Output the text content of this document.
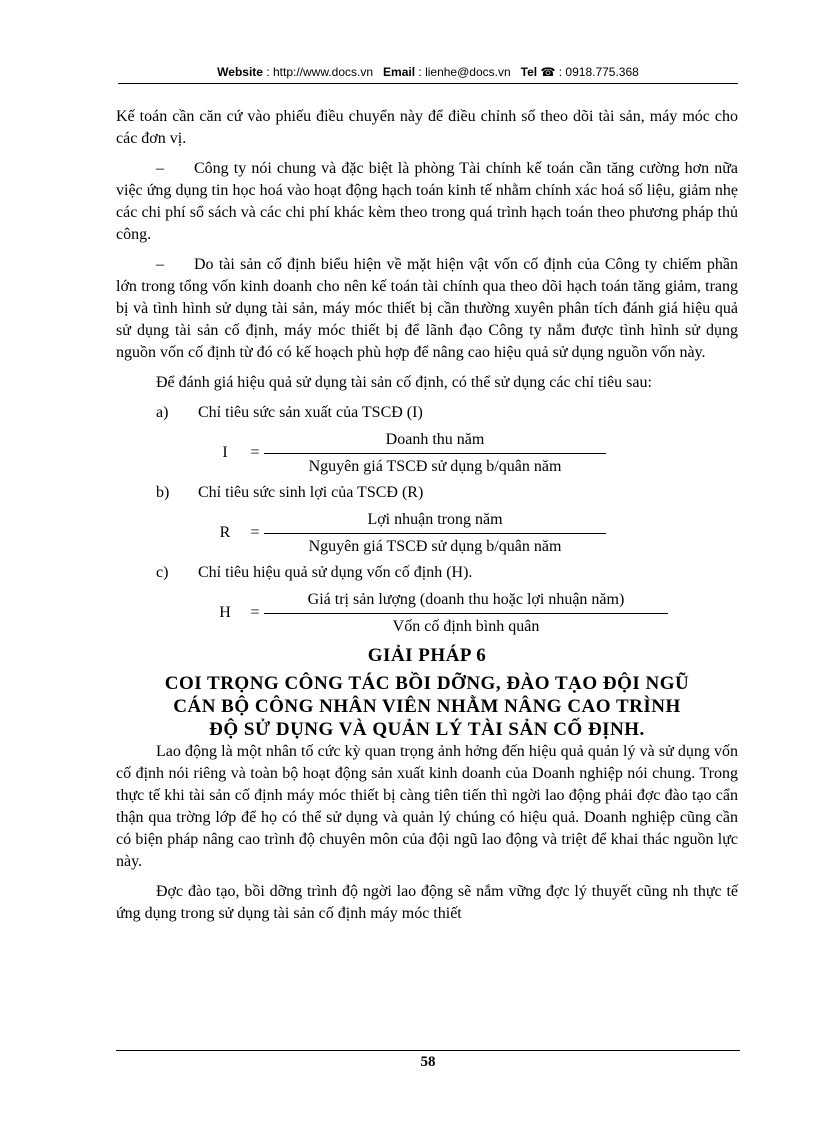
Website : http://www.docs.vn Email : lienhe@docs.vn Tel ☎ : 0918.775.368

Kế toán cần căn cứ vào phiếu điều chuyển này để điều chỉnh số theo dõi tài sản, máy móc cho các đơn vị.

– Công ty nói chung và đặc biệt là phòng Tài chính kế toán cần tăng cường hơn nữa việc ứng dụng tin học hoá vào hoạt động hạch toán kinh tế nhằm chính xác hoá số liệu, giảm nhẹ các chi phí sổ sách và các chi phí khác kèm theo trong quá trình hạch toán theo phương pháp thủ công.

– Do tài sản cố định biểu hiện về mặt hiện vật vốn cố định của Công ty chiếm phần lớn trong tổng vốn kinh doanh cho nên kế toán tài chính qua theo dõi hạch toán tăng giảm, trang bị và tình hình sử dụng tài sản, máy móc thiết bị cần thường xuyên phân tích đánh giá hiệu quả sử dụng tài sản cố định, máy móc thiết bị để lãnh đạo Công ty nắm được tình hình sử dụng nguồn vốn cố định từ đó có kế hoạch phù hợp để nâng cao hiệu quả sử dụng nguồn vốn này.

Để đánh giá hiệu quả sử dụng tài sản cố định, có thể sử dụng các chỉ tiêu sau:

a) Chỉ tiêu sức sản xuất của TSCĐ (I)
I	= $\frac{\text{Doanh thu năm}}{\text{Nguyên giá TSCĐ sử dụng b/quân năm}}$
b) Chỉ tiêu sức sinh lợi của TSCĐ (R)
R	= $\frac{\text{Lợi nhuận trong năm}}{\text{Nguyên giá TSCĐ sử dụng b/quân năm}}$
c) Chỉ tiêu hiệu quả sử dụng vốn cố định (H).
H	= $\frac{\text{Giá trị sản lượng (doanh thu hoặc lợi nhuận năm)}}{\text{Vốn cố định bình quân}}$
GIẢI PHÁP 6
COI TRỌNG CÔNG TÁC BỒI DỠNG, ĐÀO TẠO ĐỘI NGŨ
CÁN BỘ CÔNG NHÂN VIÊN NHẰM NÂNG CAO TRÌNH
ĐỘ SỬ DỤNG VÀ QUẢN LÝ TÀI SẢN CỐ ĐỊNH.

Lao động là một nhân tố cức kỳ quan trọng ảnh hởng đến hiệu quả quản lý và sử dụng vốn cố định nói riêng và toàn bộ hoạt động sản xuất kinh doanh của Doanh nghiệp nói chung. Trong thực tế khi tài sản cố định máy móc thiết bị càng tiên tiến thì ngời lao động phải đợc đào tạo cẩn thận qua trờng lớp để họ có thể sử dụng và quản lý chúng có hiệu quả. Doanh nghiệp cũng cần có biện pháp nâng cao trình độ chuyên môn của đội ngũ lao động và triệt để khai thác nguồn lực này.

Đợc đào tạo, bồi dỡng trình độ ngời lao động sẽ nắm vững đợc lý thuyết cũng nh thực tế ứng dụng trong sử dụng tài sản cố định máy móc thiết

58
